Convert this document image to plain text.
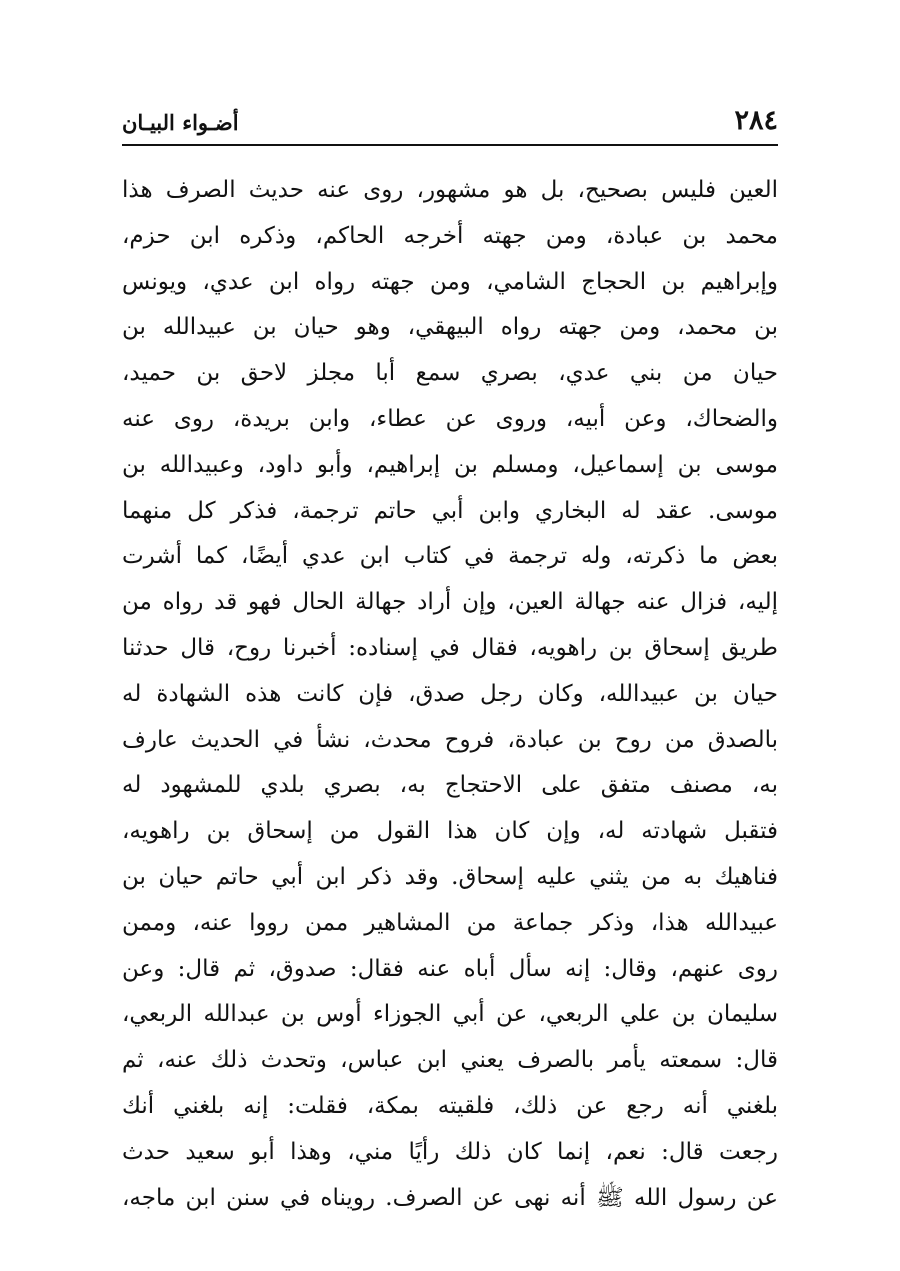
٢٨٤
أضـواء البيـان
العين فليس بصحيح، بل هو مشهور، روى عنه حديث الصرف هذا
محمد بن عبادة، ومن جهته أخرجه الحاكم، وذكره ابن حزم،
وإبراهيم بن الحجاج الشامي، ومن جهته رواه ابن عدي، ويونس
بن محمد، ومن جهته رواه البيهقي، وهو حيان بن عبيدالله بن
حيان من بني عدي، بصري سمع أبا مجلز لاحق بن حميد،
والضحاك، وعن أبيه، وروى عن عطاء، وابن بريدة، روى عنه
موسى بن إسماعيل، ومسلم بن إبراهيم، وأبو داود، وعبيدالله بن
موسى. عقد له البخاري وابن أبي حاتم ترجمة، فذكر كل منهما
بعض ما ذكرته، وله ترجمة في كتاب ابن عدي أيضًا، كما أشرت
إليه، فزال عنه جهالة العين، وإن أراد جهالة الحال فهو قد رواه من
طريق إسحاق بن راهويه، فقال في إسناده: أخبرنا روح، قال حدثنا
حيان بن عبيدالله، وكان رجل صدق، فإن كانت هذه الشهادة له
بالصدق من روح بن عبادة، فروح محدث، نشأ في الحديث عارف
به، مصنف متفق على الاحتجاج به، بصري بلدي للمشهود له
فتقبل شهادته له، وإن كان هذا القول من إسحاق بن راهويه،
فناهيك به من يثني عليه إسحاق. وقد ذكر ابن أبي حاتم حيان بن
عبيدالله هذا، وذكر جماعة من المشاهير ممن رووا عنه، وممن
روى عنهم، وقال: إنه سأل أباه عنه فقال: صدوق، ثم قال: وعن
سليمان بن علي الربعي، عن أبي الجوزاء أوس بن عبدالله الربعي،
قال: سمعته يأمر بالصرف يعني ابن عباس، وتحدث ذلك عنه، ثم
بلغني أنه رجع عن ذلك، فلقيته بمكة، فقلت: إنه بلغني أنك
رجعت قال: نعم، إنما كان ذلك رأيًا مني، وهذا أبو سعيد حدث
عن رسول الله ﷺ أنه نهى عن الصرف. رويناه في سنن ابن ماجه،
